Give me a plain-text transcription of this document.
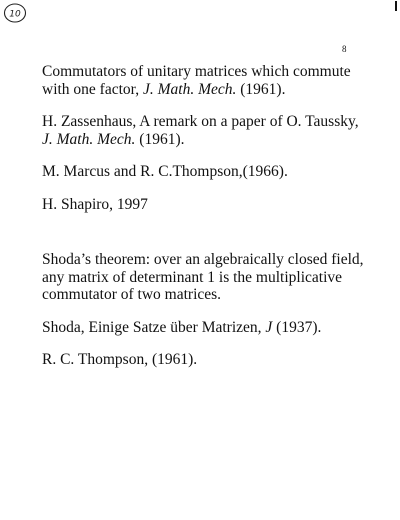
10
8

Commutators of unitary matrices which commute with one factor, J. Math. Mech. (1961).

H. Zassenhaus, A remark on a paper of O. Taussky, J. Math. Mech. (1961).

M. Marcus and R. C.Thompson,(1966).

H. Shapiro, 1997

Shoda’s theorem: over an algebraically closed field, any matrix of determinant 1 is the multiplicative commutator of two matrices.

Shoda, Einige Satze über Matrizen, J (1937).

R. C. Thompson, (1961).
